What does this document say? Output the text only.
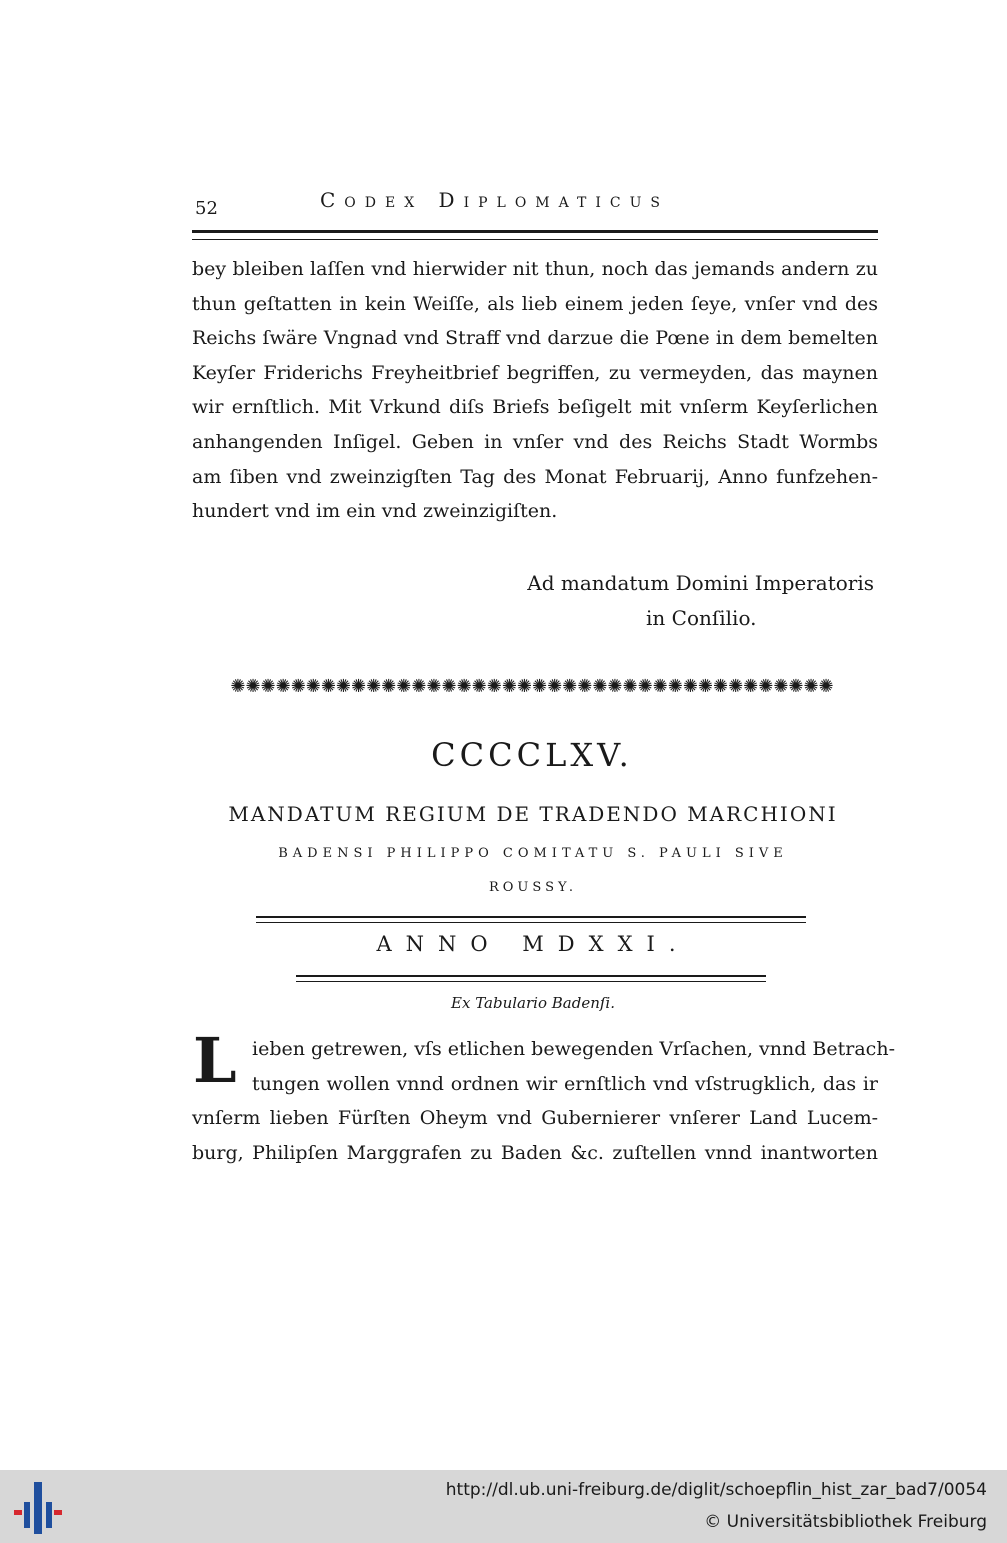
52	Codex Diplomaticus
bey bleiben laſſen vnd hierwider nit thun, noch das jemands andern zu
thun geſtatten in kein Weiſſe, als lieb einem jeden ſeye, vnſer vnd des
Reichs ſwäre Vngnad vnd Straff vnd darzue die Pœne in dem bemelten
Keyſer Friderichs Freyheitbrief begriffen, zu vermeyden, das maynen
wir ernſtlich. Mit Vrkund diſs Briefs beſigelt mit vnſerm Keyſerlichen
anhangenden Inſigel. Geben in vnſer vnd des Reichs Stadt Wormbs
am ſiben vnd zweinzigſten Tag des Monat Februarij, Anno funfzehen-
hundert vnd im ein vnd zweinzigiſten.
Ad mandatum Domini Imperatoris
in Conſilio.
✺✺✺✺✺✺✺✺✺✺✺✺✺✺✺✺✺✺✺✺✺✺✺✺✺✺✺✺✺✺✺✺✺✺✺✺✺✺✺✺
CCCCLXV.
MANDATUM REGIUM DE TRADENDO MARCHIONI
BADENSI PHILIPPO COMITATU S. PAULI SIVE
ROUSSY.
ANNO MDXXI.
Ex Tabulario Badenſi.
L ieben getrewen, vſs etlichen bewegenden Vrſachen, vnnd Betrach-
tungen wollen vnnd ordnen wir ernſtlich vnd vſstrugklich, das ir
vnſerm lieben Fürſten Oheym vnd Gubernierer vnſerer Land Lucem-
burg, Philipſen Marggrafen zu Baden &c. zuſtellen vnnd inantworten
http://dl.ub.uni-freiburg.de/diglit/schoepflin_hist_zar_bad7/0054
© Universitätsbibliothek Freiburg
